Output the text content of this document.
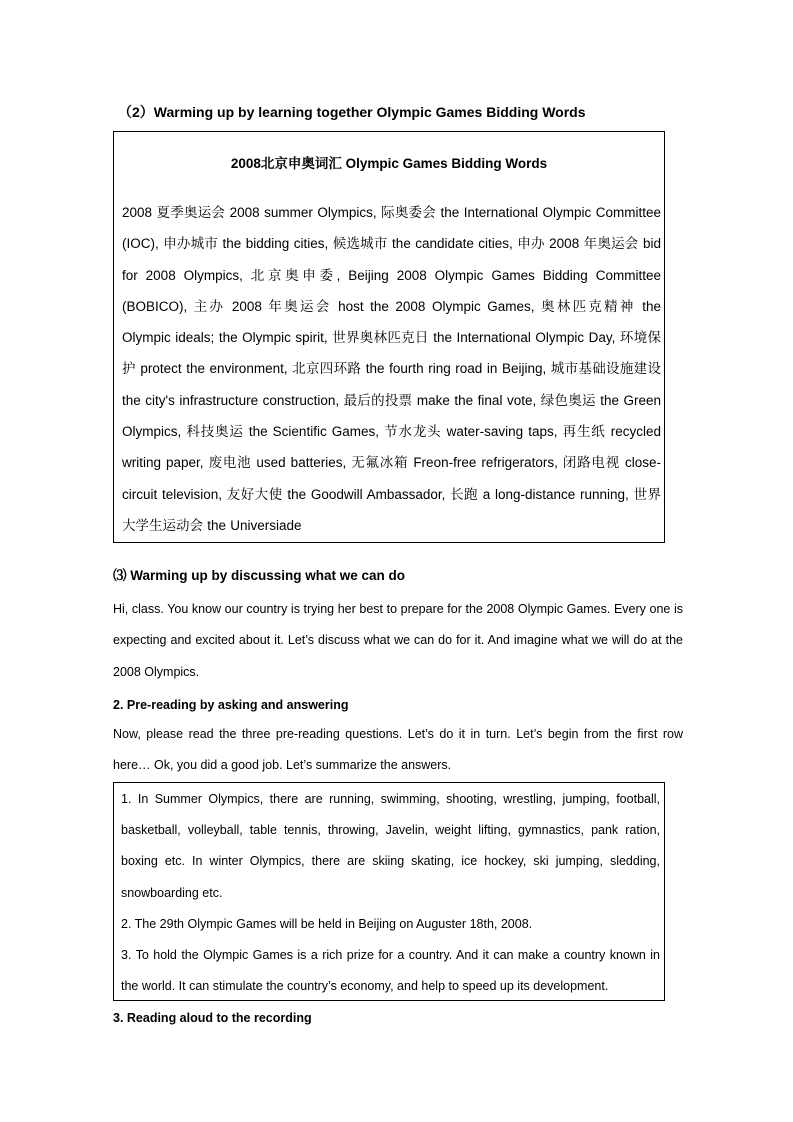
（2）Warming up by learning together Olympic Games Bidding Words
2008北京申奥词汇 Olympic Games Bidding Words
2008 夏季奥运会 2008 summer Olympics, 际奥委会 the International Olympic Committee (IOC), 申办城市 the bidding cities, 候选城市 the candidate cities, 申办 2008 年奥运会 bid for 2008 Olympics, 北京奥申委, Beijing 2008 Olympic Games Bidding Committee (BOBICO), 主办 2008 年奥运会 host the 2008 Olympic Games, 奥林匹克精神 the Olympic ideals; the Olympic spirit, 世界奥林匹克日 the International Olympic Day, 环境保护 protect the environment, 北京四环路 the fourth ring road in Beijing, 城市基础设施建设 the city's infrastructure construction, 最后的投票 make the final vote, 绿色奥运 the Green Olympics, 科技奥运 the Scientific Games, 节水龙头 water-saving taps, 再生纸 recycled writing paper, 废电池 used batteries, 无氟冰箱 Freon-free refrigerators, 闭路电视 close-circuit television, 友好大使 the Goodwill Ambassador, 长跑 a long-distance running, 世界大学生运动会 the Universiade
⑶ Warming up by discussing what we can do
Hi, class. You know our country is trying her best to prepare for the 2008 Olympic Games. Every one is expecting and excited about it. Let’s discuss what we can do for it. And imagine what we will do at the 2008 Olympics.
2. Pre-reading by asking and answering
Now, please read the three pre-reading questions. Let’s do it in turn. Let’s begin from the first row here… Ok, you did a good job. Let’s summarize the answers.

1. In Summer Olympics, there are running, swimming, shooting, wrestling, jumping, football, basketball, volleyball, table tennis, throwing, Javelin, weight lifting, gymnastics, pank ration, boxing etc. In winter Olympics, there are skiing skating, ice hockey, ski jumping, sledding, snowboarding etc.

2. The 29th Olympic Games will be held in Beijing on Auguster 18th, 2008.

3. To hold the Olympic Games is a rich prize for a country. And it can make a country known in the world. It can stimulate the country’s economy, and help to speed up its development.

3. Reading aloud to the recording
